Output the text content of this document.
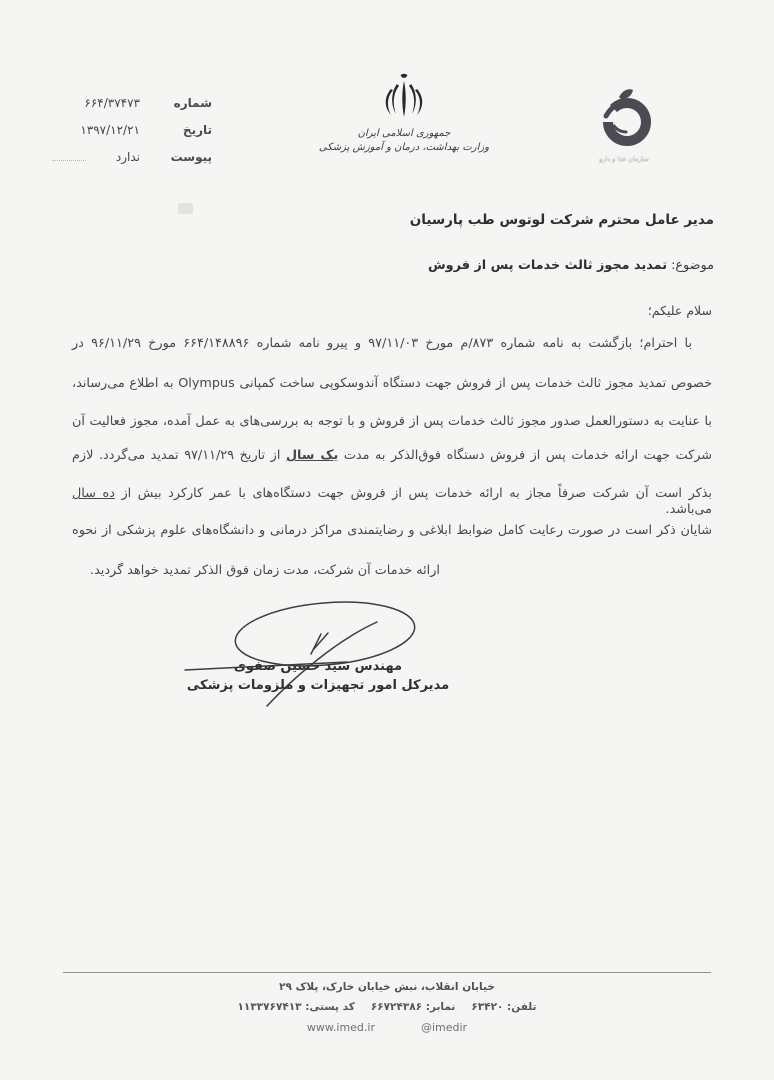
شماره
۶۶۴/۳۷۴۷۳
تاریخ
۱۳۹۷/۱۲/۲۱
پیوست
ندارد
جمهوری اسلامی ایران
وزارت بهداشت، درمان و آموزش پزشکی
سازمان غذا و دارو
مدیر عامل محترم شرکت لوتوس طب پارسیان
موضوع: تمدید مجوز ثالث خدمات پس از فروش
سلام علیکم؛
با احترام؛ بازگشت به نامه شماره ۸۷۳/م مورخ ۹۷/۱۱/۰۳ و پیرو نامه شماره ۶۶۴/۱۴۸۸۹۶ مورخ ۹۶/۱۱/۲۹ در
خصوص تمدید مجوز ثالث خدمات پس از فروش جهت دستگاه آندوسکوپی ساخت کمپانی Olympus به اطلاع می‌رساند،
با عنایت به دستورالعمل صدور مجوز ثالث خدمات پس از فروش و با توجه به بررسی‌های به عمل آمده، مجوز فعالیت آن
شرکت جهت ارائه خدمات پس از فروش دستگاه فوق‌الذکر به مدت یک سال از تاریخ ۹۷/۱۱/۲۹ تمدید می‌گردد. لازم
بذکر است آن شرکت صرفاً مجاز به ارائه خدمات پس از فروش جهت دستگاه‌های با عمر کارکرد بیش از ده سال می‌باشد.
شایان ذکر است در صورت رعایت کامل ضوابط ابلاغی و رضایتمندی مراکز درمانی و دانشگاه‌های علوم پزشکی از نحوه
ارائه خدمات آن شرکت، مدت زمان فوق الذکر تمدید خواهد گردید.
مهندس سید حسین صفوی
مدیرکل امور تجهیزات و ملزومات پزشکی
خیابان انقلاب، نبش خیابان خارک، پلاک ۲۹
تلفن: ۶۳۴۲۰
نمابر: ۶۶۷۲۴۳۸۶
کد پستی: ۱۱۳۳۷۶۷۴۱۳
www.imed.ir	@imedir
